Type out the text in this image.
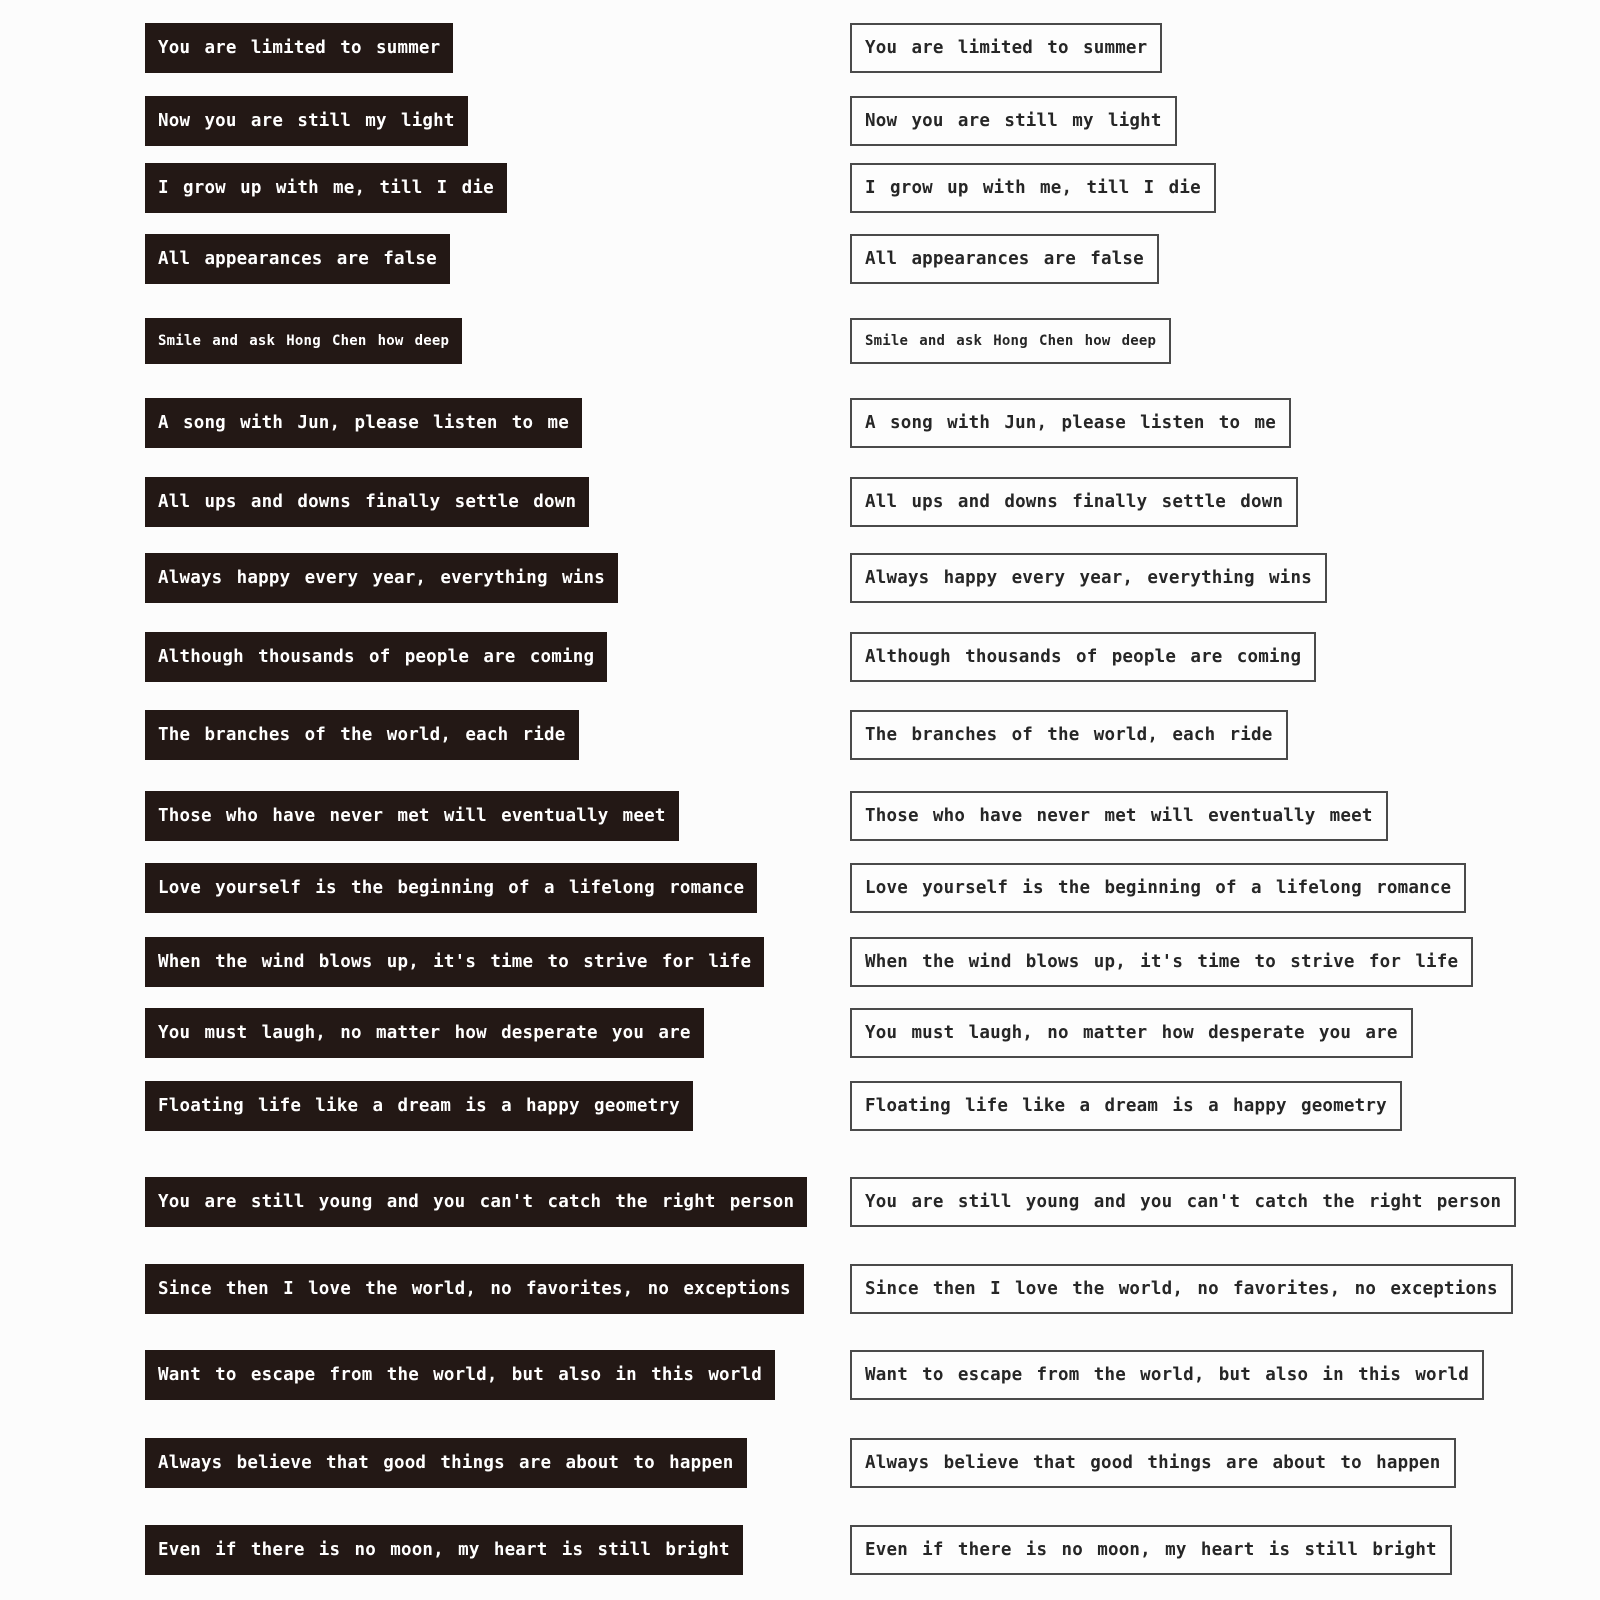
You are limited to summer	You are limited to summer
Now you are still my light	Now you are still my light
I grow up with me, till I die	I grow up with me, till I die
All appearances are false	All appearances are false
Smile and ask Hong Chen how deep	Smile and ask Hong Chen how deep
A song with Jun, please listen to me	A song with Jun, please listen to me
All ups and downs finally settle down	All ups and downs finally settle down
Always happy every year, everything wins	Always happy every year, everything wins
Although thousands of people are coming	Although thousands of people are coming
The branches of the world, each ride	The branches of the world, each ride
Those who have never met will eventually meet	Those who have never met will eventually meet
Love yourself is the beginning of a lifelong romance	Love yourself is the beginning of a lifelong romance
When the wind blows up, it's time to strive for life	When the wind blows up, it's time to strive for life
You must laugh, no matter how desperate you are	You must laugh, no matter how desperate you are
Floating life like a dream is a happy geometry	Floating life like a dream is a happy geometry
You are still young and you can't catch the right person	You are still young and you can't catch the right person
Since then I love the world, no favorites, no exceptions	Since then I love the world, no favorites, no exceptions
Want to escape from the world, but also in this world	Want to escape from the world, but also in this world
Always believe that good things are about to happen	Always believe that good things are about to happen
Even if there is no moon, my heart is still bright	Even if there is no moon, my heart is still bright
